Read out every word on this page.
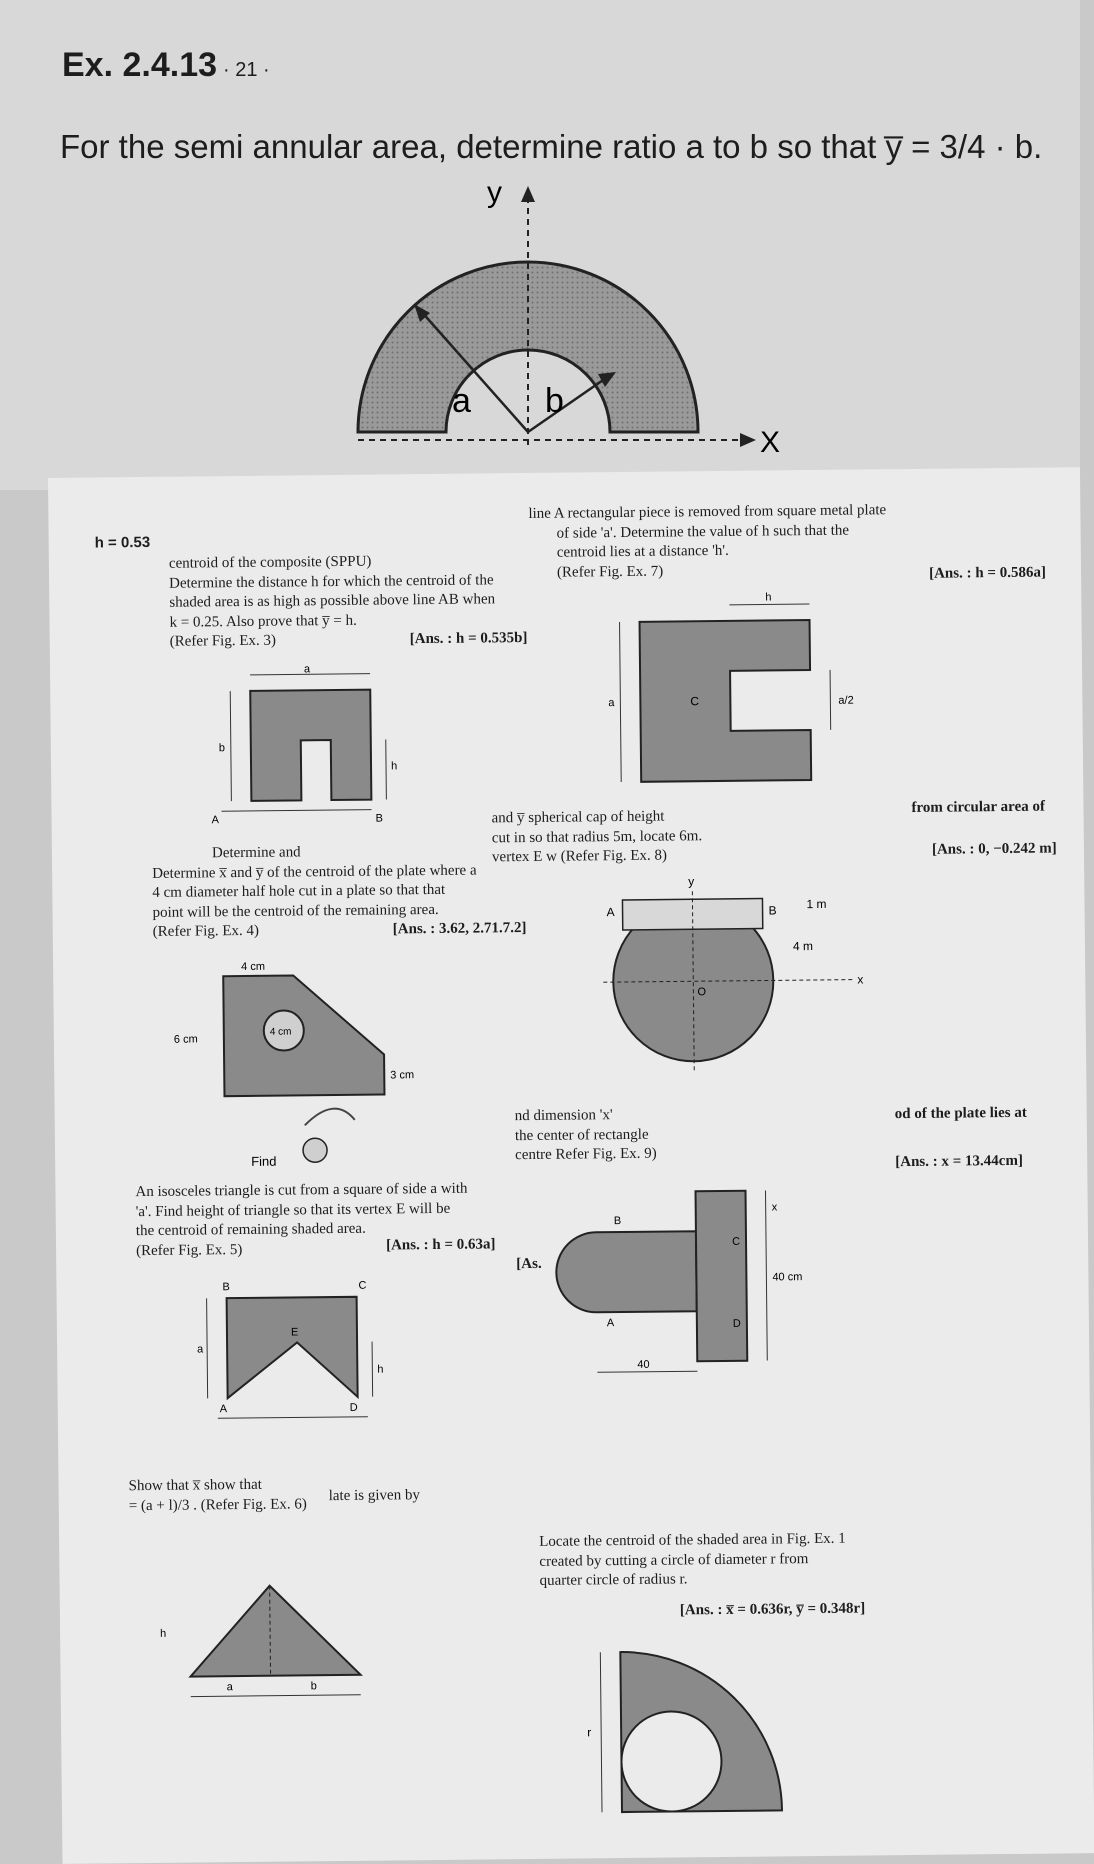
Ex. 2.4.13 · 21 ·
For the semi annular area, determine ratio a to b so that y̅ = 3/4 · b.
y
a b
X
h = 0.53
centroid of the composite (SPPU)
Determine the distance h for which the centroid of the
shaded area is as high as possible above line AB when
k = 0.25. Also prove that y̅ = h.
(Refer Fig. Ex. 3)	[Ans. : h = 0.535b]
a
b
h
A	B
Determine and
Determine x̅ and y̅ of the centroid of the plate where a
4 cm diameter half hole cut in a plate so that that
point will be the centroid of the remaining area.
(Refer Fig. Ex. 4)	[Ans. : 3.62, 2.71.7.2]
4 cm
6 cm
4 cm
3 cm
Find
An isosceles triangle is cut from a square of side a with
'a'. Find height of triangle so that its vertex E will be
the centroid of remaining shaded area.
(Refer Fig. Ex. 5)	[Ans. : h = 0.63a]
[As.
B	C
E
A	D
a
h
Show that x̅ show that
= (a + l)/3 . (Refer Fig. Ex. 6)
late is given by
h
a	b
line A rectangular piece is removed from square metal plate
of side 'a'. Determine the value of h such that the
centroid lies at a distance 'h'.
(Refer Fig. Ex. 7)	[Ans. : h = 0.586a]
h
a	C	a/2
and y̅ spherical cap of height
cut in so that radius 5m, locate 6m.
vertex E w (Refer Fig. Ex. 8)
from circular area of
[Ans. : 0, −0.242 m]
A	B
O
1 m
4 m
x
y
nd dimension 'x'
the center of rectangle
centre Refer Fig. Ex. 9)
od of the plate lies at
[Ans. : x = 13.44cm]
B
C
A	D
40
40 cm
x
Locate the centroid of the shaded area in Fig. Ex. 1
created by cutting a circle of diameter r from
quarter circle of radius r.
[Ans. : x̅ = 0.636r, y̅ = 0.348r]
r
